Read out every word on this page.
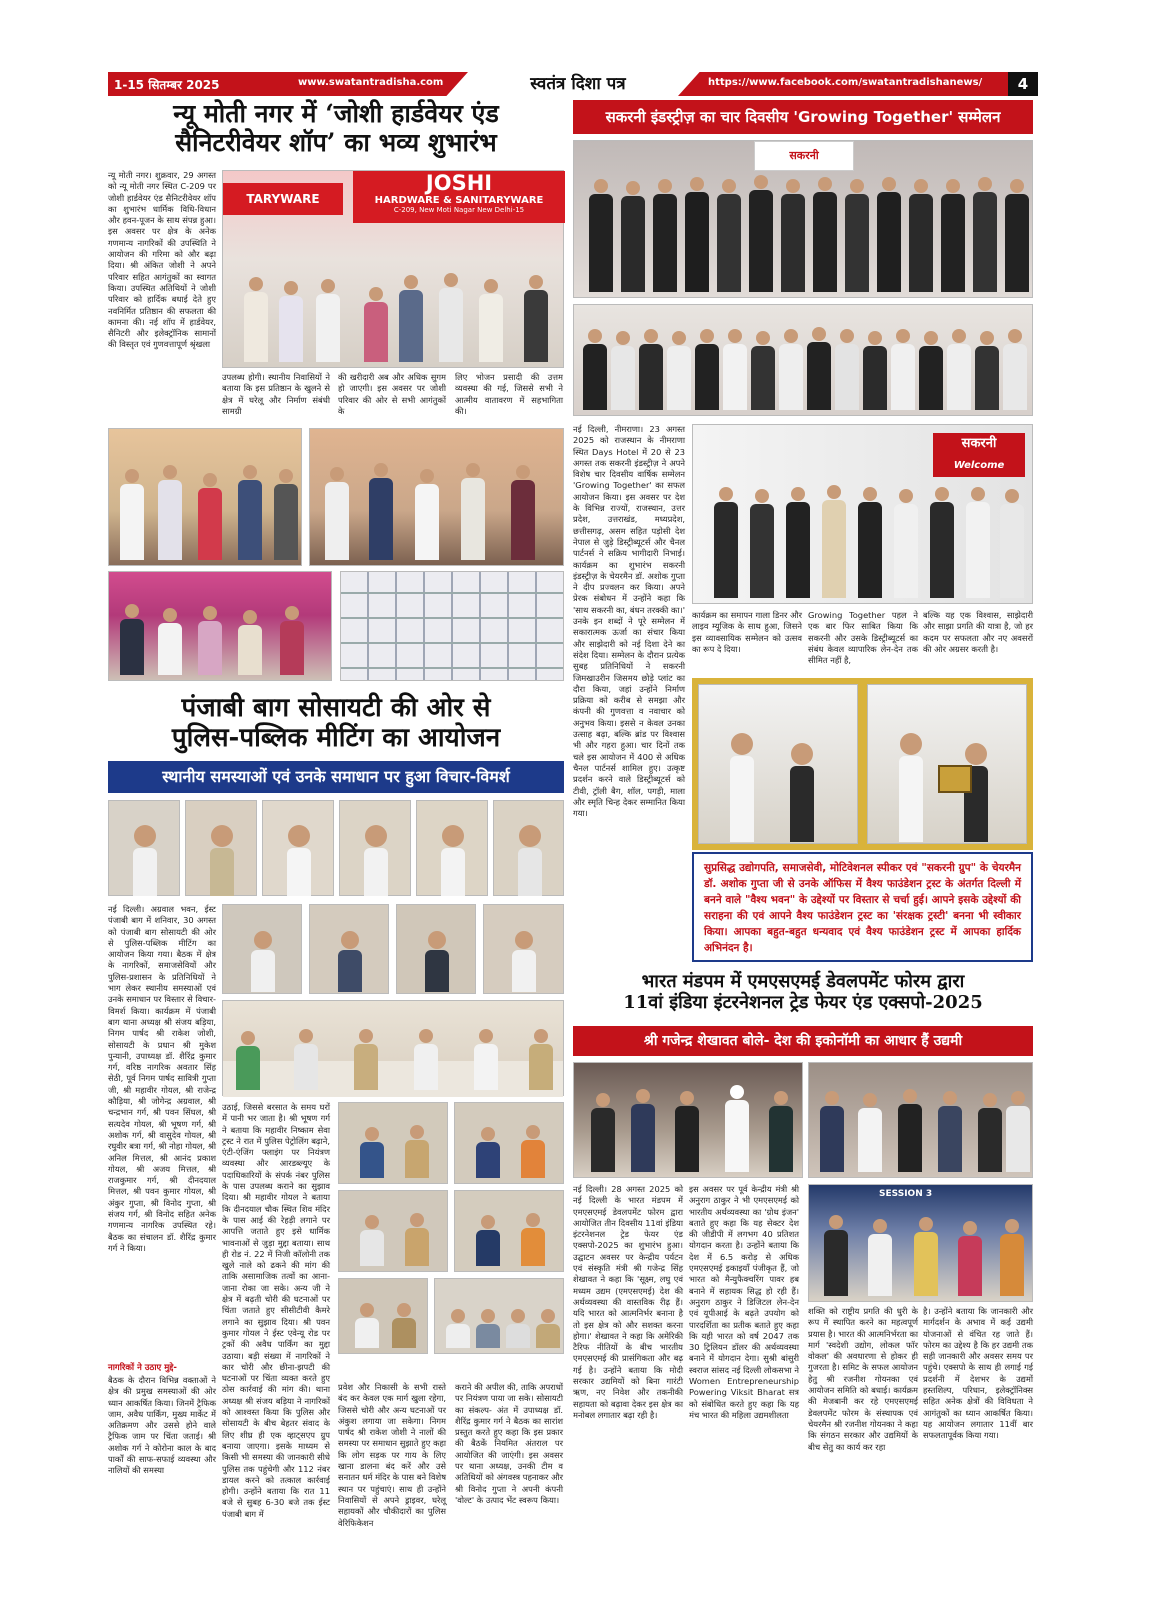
1-15 सितम्बर 2025	www.swatantradisha.com	स्वतंत्र दिशा पत्र	https://www.facebook.com/swatantradishanews/	4
न्यू मोती नगर में ‘जोशी हार्डवेयर एंड
सैनिटरीवेयर शॉप’ का भव्य शुभारंभ
न्यू मोती नगर। शुक्रवार, 29 अगस्त को न्यू मोती नगर स्थित C-209 पर जोशी हार्डवेयर एंड सैनिटरीवेयर शॉप का शुभारंभ धार्मिक विधि-विधान और हवन-पूजन के साथ संपन्न हुआ। इस अवसर पर क्षेत्र के अनेक गणमान्य नागरिकों की उपस्थिति ने आयोजन की गरिमा को और बढ़ा दिया। श्री अंकित जोशी ने अपने परिवार सहित आगंतुकों का स्वागत किया। उपस्थित अतिथियों ने जोशी परिवार को हार्दिक बधाई देते हुए नवनिर्मित प्रतिष्ठान की सफलता की कामना की। नई शॉप में हार्डवेयर, सैनिटरी और इलेक्ट्रॉनिक सामानों की विस्तृत एवं गुणवत्तापूर्ण श्रृंखला
JOSHI
HARDWARE & SANITARYWARE
C-209, New Moti Nagar New Delhi-15
TARYWARE
उपलब्ध होगी। स्थानीय निवासियों ने बताया कि इस प्रतिष्ठान के खुलने से क्षेत्र में घरेलू और निर्माण संबंधी सामग्री
की खरीदारी अब और अधिक सुगम हो जाएगी। इस अवसर पर जोशी परिवार की ओर से सभी आगंतुकों के
लिए भोजन प्रसादी की उत्तम व्यवस्था की गई, जिससे सभी ने आत्मीय वातावरण में सहभागिता की।
पंजाबी बाग सोसायटी की ओर से
पुलिस-पब्लिक मीटिंग का आयोजन
स्थानीय समस्याओं एवं उनके समाधान पर हुआ विचार-विमर्श
नई दिल्ली। अग्रवाल भवन, ईस्ट पंजाबी बाग में शनिवार, 30 अगस्त को पंजाबी बाग सोसायटी की ओर से पुलिस-पब्लिक मीटिंग का आयोजन किया गया। बैठक में क्षेत्र के नागरिकों, समाजसेवियों और पुलिस-प्रशासन के प्रतिनिधियों ने भाग लेकर स्थानीय समस्याओं एवं उनके समाधान पर विस्तार से विचार-विमर्श किया। कार्यक्रम में पंजाबी बाग थाना अध्यक्ष श्री संजय बड़िया, निगम पार्षद श्री राकेश जोशी, सोसायटी के प्रधान श्री मुकेश पुन्यानी, उपाध्यक्ष डॉ. शैरिंद्र कुमार गर्ग, वरिष्ठ नागरिक अवतार सिंह सेठी, पूर्व निगम पार्षद सावित्री गुप्ता जी, श्री महावीर गोयल, श्री राजेन्द्र कौड़िया, श्री जोगेन्द्र अग्रवाल, श्री चन्द्रभान गर्ग, श्री पवन सिंघल, श्री सत्यदेव गोयल, श्री भूषण गर्ग, श्री अशोक गर्ग, श्री वासुदेव गोयल, श्री रघुवीर बत्रा गर्ग, श्री नोहा गोयल, श्री अनिल मित्तल, श्री आनंद प्रकाश गोयल, श्री अजय मित्तल, श्री राजकुमार गर्ग, श्री दीनदयाल मित्तल, श्री पवन कुमार गोयल, श्री अंकुर गुप्ता, श्री विनोद गुप्ता, श्री संजय गर्ग, श्री विनोद सहित अनेक गणमान्य नागरिक उपस्थित रहे। बैठक का संचालन डॉ. शैरिंद्र कुमार गर्ग ने किया।
नागरिकों ने उठाए मुद्दे-
बैठक के दौरान विभिन्न वक्ताओं ने क्षेत्र की प्रमुख समस्याओं की ओर ध्यान आकर्षित किया। जिनमें ट्रैफिक जाम, अवैध पार्किंग, मुख्य मार्केट में अतिक्रमण और उससे होने वाले ट्रैफिक जाम पर चिंता जताई। श्री अशोक गर्ग ने कोरोना काल के बाद पार्कों की साफ-सफाई व्यवस्था और नालियों की समस्या
उठाई, जिससे बरसात के समय घरों में पानी भर जाता है। श्री भूषण गर्ग ने बताया कि महावीर निष्काम सेवा ट्रस्ट ने रात में पुलिस पेट्रोलिंग बढ़ाने, एंटी-एंजिंग फ्लाइंग पर नियंत्रण व्यवस्था और आरडब्ल्यूए के पदाधिकारियों के संपर्क नंबर पुलिस के पास उपलब्ध कराने का सुझाव दिया। श्री महावीर गोयल ने बताया कि दीनदयाल चौक स्थित शिव मंदिर के पास आई की रेहड़ी लगाने पर आपत्ति जताते हुए इसे धार्मिक भावनाओं से जुड़ा मुद्दा बताया। साथ ही रोड नं. 22 में निजी कॉलोनी तक खुले नाले को ढकने की मांग की ताकि असामाजिक तत्वों का आना-जाना रोका जा सके। अन्य जी ने क्षेत्र में बढ़ती चोरी की घटनाओं पर चिंता जताते हुए सीसीटीवी कैमरे लगाने का सुझाव दिया। श्री पवन कुमार गोयल ने ईस्ट एवेन्यू रोड पर ट्रकों की अवैध पार्किंग का मुद्दा उठाया। बड़ी संख्या में नागरिकों ने कार चोरी और छीना-झपटी की घटनाओं पर चिंता व्यक्त करते हुए ठोस कार्रवाई की मांग की। थाना अध्यक्ष श्री संजय बड़िया ने नागरिकों को आश्वस्त किया कि पुलिस और सोसायटी के बीच बेहतर संवाद के लिए शीघ्र ही एक व्हाट्सएप ग्रुप बनाया जाएगा। इसके माध्यम से किसी भी समस्या की जानकारी सीधे पुलिस तक पहुंचेगी और 112 नंबर डायल करने को तत्काल कार्रवाई होगी। उन्होंने बताया कि रात 11 बजे से सुबह 6-30 बजे तक ईस्ट पंजाबी बाग में
प्रवेश और निकासी के सभी रास्ते बंद कर केवल एक मार्ग खुला रहेगा, जिससे चोरी और अन्य घटनाओं पर अंकुश लगाया जा सकेगा। निगम पार्षद श्री राकेश जोशी ने नालों की समस्या पर समाधान सुझाते हुए कहा कि लोग सड़क पर गाय के लिए खाना डालना बंद करें और उसे सनातन धर्म मंदिर के पास बने विशेष स्थान पर पहुंचाएं। साथ ही उन्होंने निवासियों से अपने ड्राइवर, घरेलू सहायकों और चौकीदारों का पुलिस वेरिफिकेशन
कराने की अपील की, ताकि अपराधों पर नियंत्रण पाया जा सके। सोसायटी का संकल्प- अंत में उपाध्यक्ष डॉ. शैरिंद्र कुमार गर्ग ने बैठक का सारांश प्रस्तुत करते हुए कहा कि इस प्रकार की बैठकें नियमित अंतराल पर आयोजित की जाएंगी। इस अवसर पर थाना अध्यक्ष, उनकी टीम व अतिथियों को अंगवस्त्र पहनाकर और श्री विनोद गुप्ता ने अपनी कंपनी 'वोल्ट' के उत्पाद भेंट स्वरूप किया।
सकरनी इंडस्ट्रीज़ का चार दिवसीय 'Growing Together' सम्मेलन
सकरनी
नई दिल्ली, नीमराणा। 23 अगस्त 2025 को राजस्थान के नीमराणा स्थित Days Hotel में 20 से 23 अगस्त तक सकरनी इंडस्ट्रीज़ ने अपने विशेष चार दिवसीय वार्षिक सम्मेलन 'Growing Together' का सफल आयोजन किया। इस अवसर पर देश के विभिन्न राज्यों, राजस्थान, उत्तर प्रदेश, उत्तराखंड, मध्यप्रदेश, छत्तीसगढ़, असम सहित पड़ोसी देश नेपाल से जुड़े डिस्ट्रीब्यूटर्स और चैनल पार्टनर्स ने सक्रिय भागीदारी निभाई। कार्यक्रम का शुभारंभ सकरनी इंडस्ट्रीज़ के चेयरमैन डॉ. अशोक गुप्ता ने दीप प्रज्वलन कर किया। अपने प्रेरक संबोधन में उन्होंने कहा कि 'साथ सकरनी का, बंधन तरक्की का।' उनके इन शब्दों ने पूरे सम्मेलन में सकारात्मक ऊर्जा का संचार किया और साझेदारी को नई दिशा देने का संदेश दिया। सम्मेलन के दौरान प्रत्येक सुबह प्रतिनिधियों ने सकरनी जिमखाउरीन जिसमय छोड़े प्लांट का दौरा किया, जहां उन्होंने निर्माण प्रक्रिया को करीब से समझा और कंपनी की गुणवत्ता व नवाचार को अनुभव किया। इससे न केवल उनका उत्साह बढ़ा, बल्कि ब्रांड पर विश्वास भी और गहरा हुआ। चार दिनों तक चले इस आयोजन में 400 से अधिक चैनल पार्टनर्स शामिल हुए। उत्कृष्ट प्रदर्शन करने वाले डिस्ट्रीब्यूटर्स को टीवी, ट्रॉली बैग, शॉल, पगड़ी, माला और स्मृति चिन्ह देकर सम्मानित किया गया।
सकरनी
Welcome
कार्यक्रम का समापन गाला डिनर और लाइव म्यूजिक के साथ हुआ, जिसने इस व्यावसायिक सम्मेलन को उत्सव का रूप दे दिया।
Growing Together पहल ने एक बार फिर साबित किया कि सकरनी और उसके डिस्ट्रीब्यूटर्स का संबंध केवल व्यापारिक लेन-देन तक सीमित नहीं है,
बल्कि यह एक विश्वास, साझेदारी और साझा प्रगति की यात्रा है, जो हर कदम पर सफलता और नए अवसरों की ओर अग्रसर करती है।
सुप्रसिद्ध उद्योगपति, समाजसेवी, मोटिवेशनल स्पीकर एवं "सकरनी ग्रुप" के चेयरमैन डॉ. अशोक गुप्ता जी से उनके ऑफिस में वैश्य फाउंडेशन ट्रस्ट के अंतर्गत दिल्ली में बनने वाले "वैश्य भवन" के उद्देश्यों पर विस्तार से चर्चा हुई। आपने इसके उद्देश्यों की सराहना की एवं आपने वैश्य फाउंडेशन ट्रस्ट का 'संरक्षक ट्रस्टी' बनना भी स्वीकार किया। आपका बहुत-बहुत धन्यवाद एवं वैश्य फाउंडेशन ट्रस्ट में आपका हार्दिक अभिनंदन है।
भारत मंडपम में एमएसएमई डेवलपमेंट फोरम द्वारा
11वां इंडिया इंटरनेशनल ट्रेड फेयर एंड एक्सपो-2025
श्री गजेन्द्र शेखावत बोले- देश की इकोनॉमी का आधार हैं उद्यमी
नई दिल्ली। 28 अगस्त 2025 को नई दिल्ली के भारत मंडपम में एमएसएमई डेवलपमेंट फोरम द्वारा आयोजित तीन दिवसीय 11वां इंडिया इंटरनेशनल ट्रेड फेयर एंड एक्सपो-2025 का शुभारंभ हुआ। उद्घाटन अवसर पर केन्द्रीय पर्यटन एवं संस्कृति मंत्री श्री गजेन्द्र सिंह शेखावत ने कहा कि 'सूक्ष्म, लघु एवं मध्यम उद्यम (एमएसएमई) देश की अर्थव्यवस्था की वास्तविक रीढ़ हैं। यदि भारत को आत्मनिर्भर बनाना है तो इस क्षेत्र को और सशक्त करना होगा।' शेखावत ने कहा कि अमेरिकी टैरिफ नीतियों के बीच भारतीय एमएसएमई की प्रासंगिकता और बढ़ गई है। उन्होंने बताया कि मोदी सरकार उद्यमियों को बिना गारंटी ऋण, नए निवेश और तकनीकी सहायता को बढ़ावा देकर इस क्षेत्र का मनोबल लगातार बढ़ा रही है।
इस अवसर पर पूर्व केन्द्रीय मंत्री श्री अनुराग ठाकुर ने भी एमएसएमई को भारतीय अर्थव्यवस्था का 'ग्रोथ इंजन' बताते हुए कहा कि यह सेक्टर देश की जीडीपी में लगभग 40 प्रतिशत योगदान करता है। उन्होंने बताया कि देश में 6.5 करोड़ से अधिक एमएसएमई इकाइयाँ पंजीकृत हैं, जो भारत को मैन्युफैक्चरिंग पावर हब बनाने में सहायक सिद्ध हो रही हैं। अनुराग ठाकुर ने डिजिटल लेन-देन एवं यूपीआई के बढ़ते उपयोग को पारदर्शिता का प्रतीक बताते हुए कहा कि यही भारत को वर्ष 2047 तक 30 ट्रिलियन डॉलर की अर्थव्यवस्था बनाने में योगदान देगा। सुश्री बांसुरी स्वराज सांसद नई दिल्ली लोकसभा ने Women Entrepreneurship Powering Viksit Bharat सत्र को संबोधित करते हुए कहा कि यह मंच भारत की महिला उद्यमशीलता
SESSION 3
शक्ति को राष्ट्रीय प्रगति की धुरी के रूप में स्थापित करने का महत्वपूर्ण प्रयास है। भारत की आत्मनिर्भरता का मार्ग 'स्वदेशी उद्योग, लोकल फॉर वोकल' की अवधारणा से होकर ही गुजरता है। समिट के सफल आयोजन हेतु श्री रजनीश गोयनका एवं आयोजन समिति को बधाई। कार्यक्रम की मेजबानी कर रहे एमएसएमई डेवलपमेंट फोरम के संस्थापक एवं चेयरमैन श्री रजनीश गोयनका ने कहा कि संगठन सरकार और उद्यमियों के बीच सेतु का कार्य कर रहा
है। उन्होंने बताया कि जानकारी और मार्गदर्शन के अभाव में कई उद्यमी योजनाओं से वंचित रह जाते हैं। फोरम का उद्देश्य है कि हर उद्यमी तक सही जानकारी और अवसर समय पर पहुंचे। एक्सपो के साथ ही लगाई गई प्रदर्शनी में देशभर के उद्यमों हस्तशिल्प, परिधान, इलेक्ट्रॉनिक्स सहित अनेक क्षेत्रों की विविधता ने आगंतुकों का ध्यान आकर्षित किया। यह आयोजन लगातार 11वीं बार सफलतापूर्वक किया गया।
